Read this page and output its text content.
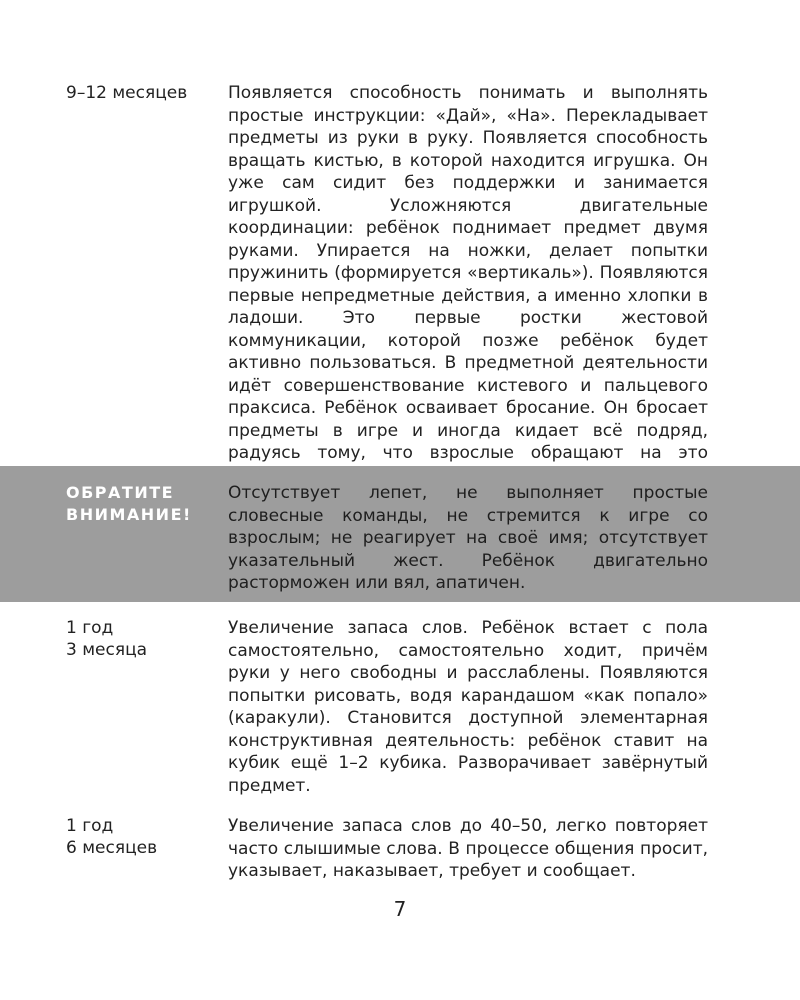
9–12 месяцев	Появляется способность понимать и выполнять простые инструкции: «Дай», «На». Перекладывает предметы из руки в руку. Появляется способность вращать кистью, в которой находится игрушка. Он уже сам сидит без поддержки и занимается игрушкой. Усложняются двигательные координации: ребёнок поднимает предмет двумя руками. Упирается на ножки, делает попытки пружинить (формируется «вертикаль»). Появляются первые непредметные действия, а именно хлопки в ладоши. Это первые ростки жестовой коммуникации, которой позже ребёнок будет активно пользоваться. В предметной деятельности идёт совершенствование кистевого и пальцевого праксиса. Ребёнок осваивает бросание. Он бросает предметы в игре и иногда кидает всё подряд, радуясь тому, что взрослые обращают на это
ОБРАТИТЕ
ВНИМАНИЕ!
Отсутствует лепет, не выполняет простые словесные команды, не стремится к игре со взрослым; не реагирует на своё имя; отсутствует указательный жест. Ребёнок двигательно расторможен или вял, апатичен.
1 год
3 месяца
Увеличение запаса слов. Ребёнок встает с пола самостоятельно, самостоятельно ходит, причём руки у него свободны и расслаблены. Появляются попытки рисовать, водя карандашом «как попало» (каракули). Становится доступной элементарная конструктивная деятельность: ребёнок ставит на кубик ещё 1–2 кубика. Разворачивает завёрнутый предмет.
1 год
6 месяцев
Увеличение запаса слов до 40–50, легко повторяет часто слышимые слова. В процессе общения просит, указывает, наказывает, требует и сообщает.
7
